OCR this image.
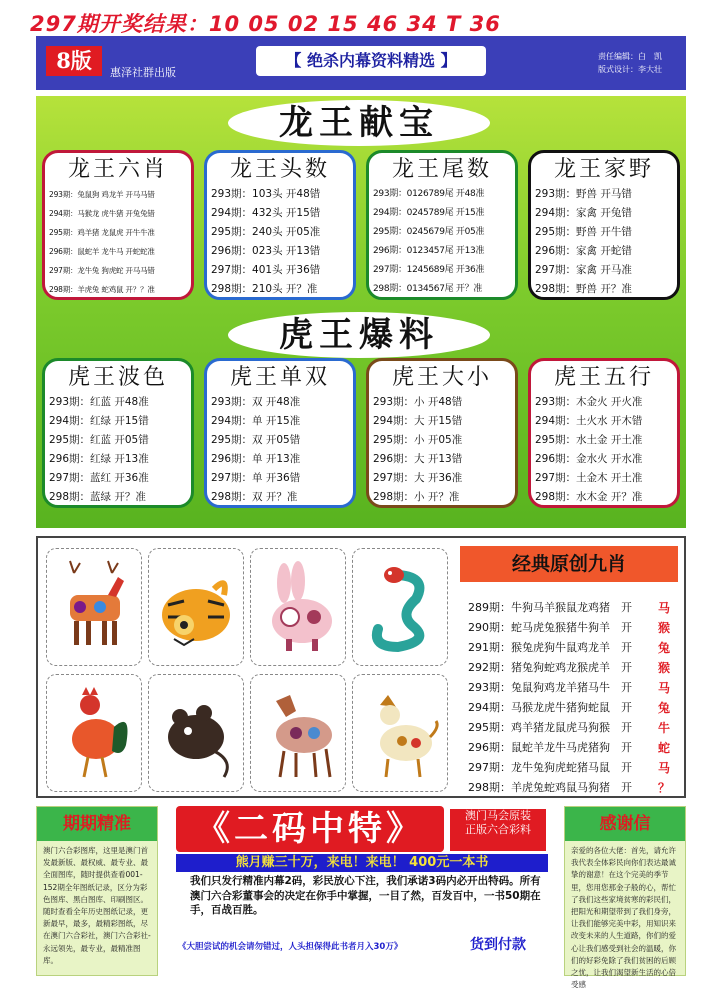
297期开奖结果：10 05 02 15 46 34 T 36
8版	惠泽社群出版
【 绝杀内幕资料精选 】	责任编辑：白　凯
版式设计：李大壮
龙王献宝
龙王六肖
293期：兔鼠狗 鸡龙羊 开马马错
294期：马猴龙 虎牛猪 开兔兔错
295期：鸡羊猪 龙鼠虎 开牛牛准
296期：鼠蛇羊 龙牛马 开蛇蛇准
297期：龙牛兔 狗虎蛇 开马马错
298期：羊虎兔 蛇鸡鼠 开？？准
龙王头数
293期：103头 开48错
294期：432头 开15错
295期：240头 开05准
296期：023头 开13错
297期：401头 开36错
298期：210头 开？准
龙王尾数
293期：0126789尾 开48准
294期：0245789尾 开15准
295期：0245679尾 开05准
296期：0123457尾 开13准
297期：1245689尾 开36准
298期：0134567尾 开？准
龙王家野
293期：野兽 开马错
294期：家禽 开兔错
295期：野兽 开牛错
296期：家禽 开蛇错
297期：家禽 开马准
298期：野兽 开？准
虎王爆料
虎王波色
293期：红蓝 开48准
294期：红绿 开15错
295期：红蓝 开05错
296期：红绿 开13准
297期：蓝红 开36准
298期：蓝绿 开？准
虎王单双
293期：双 开48准
294期：单 开15准
295期：双 开05错
296期：单 开13准
297期：单 开36错
298期：双 开？准
虎王大小
293期：小 开48错
294期：大 开15错
295期：小 开05准
296期：大 开13错
297期：大 开36准
298期：小 开？准
虎王五行
293期：木金火 开火准
294期：土火水 开木错
295期：水土金 开土准
296期：金水火 开水准
297期：土金木 开土准
298期：水木金 开？准
经典原创九肖
289期：牛狗马羊猴鼠龙鸡猪　开 马
290期：蛇马虎兔猴猪牛狗羊　开 猴
291期：猴兔虎狗牛鼠鸡龙羊　开 兔
292期：猪兔狗蛇鸡龙猴虎羊　开 猴
293期：兔鼠狗鸡龙羊猪马牛　开 马
294期：马猴龙虎牛猪狗蛇鼠　开 兔
295期：鸡羊猪龙鼠虎马狗猴　开 牛
296期：鼠蛇羊龙牛马虎猪狗　开 蛇
297期：龙牛兔狗虎蛇猪马鼠　开 马
298期：羊虎兔蛇鸡鼠马狗猪　开 ？
期期精准
澳门六合彩图库，这里是澳门首发最新版、最权威、最专业、最全面图库，随时提供查看001-152期全年图纸记录，区分为彩色图库、黑白图库、印刷图区。随时查看全年历史图纸记录，更新最早，最多，最精彩图纸，尽在澳门六合彩社，澳门六合彩社-永远领先，最专业，最精准图库。
《二码中特》	澳门马会原装
正版六合彩料
熊月赚三十万，来电！来电！ 400元一本书
我们只发行精准内幕2码，彩民放心下注，我们承诺3码内必开出特码。所有澳门六合彩董事会的决定在你手中掌握，一目了然，百发百中，一书50期在手，百战百胜。
《大胆尝试的机会请勿错过，人头担保得此书者月入30万》	货到付款
感谢信
亲爱的各位大佬：首先，请允许我代表全体彩民向你们表达最诚挚的谢意！在这个完美的季节里，您用您那金子般的心，帮忙了我们这些家境贫寒的彩民们，把阳光和期望带到了我们身旁，让我们能够完美中彩，用知识来改变未来的人生道路，你们的爱心让我们感受到社会的温暖，你们的好彩免除了我们贫困的后顾之忧，让我们渴望新生活的心倍受感
